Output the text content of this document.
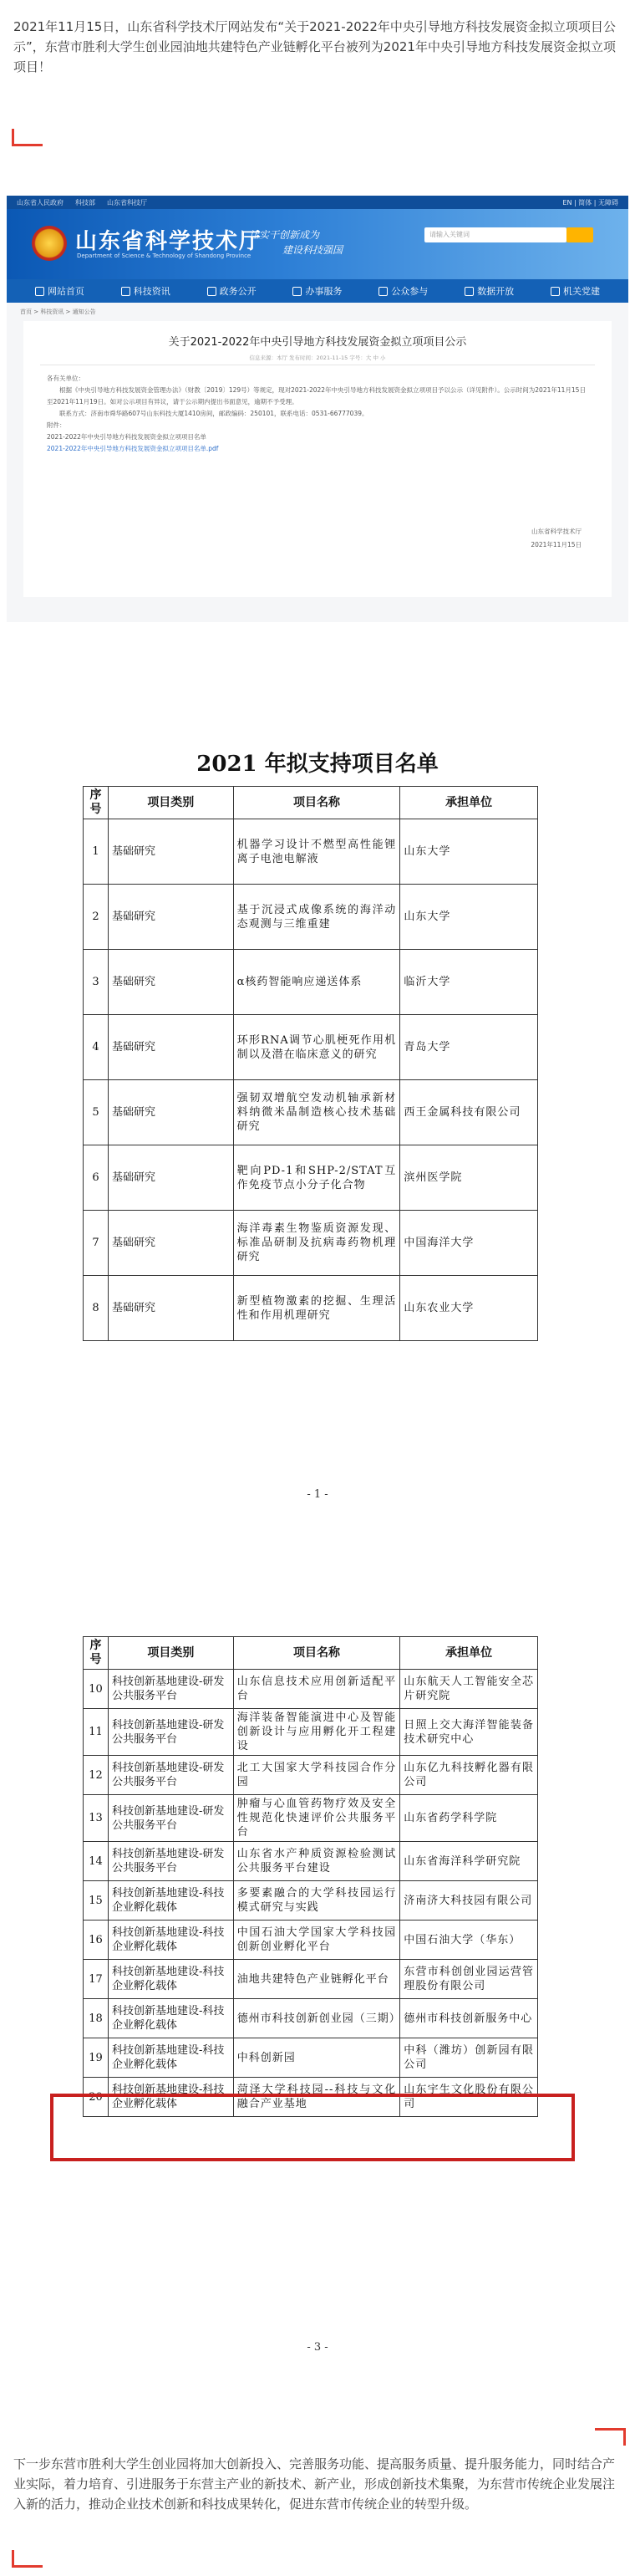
2021年11月15日，山东省科学技术厅网站发布“关于2021-2022年中央引导地方科技发展资金拟立项项目公示”，东营市胜利大学生创业园油地共建特色产业链孵化平台被列为2021年中央引导地方科技发展资金拟立项项目！
山东省人民政府 科技部 山东省科技厅	EN | 简体 | 无障碍
山东省科学技术厅
Department of Science & Technology of Shandong Province
让实干创新成为
建设科技强国
请输入关键词
网站首页	科技资讯	政务公开	办事服务	公众参与	数据开放	机关党建
首页 > 科技资讯 > 通知公告
关于2021-2022年中央引导地方科技发展资金拟立项项目公示
信息来源：本厅 发布时间：2021-11-15 字号：大 中 小

各有关单位：

根据《中央引导地方科技发展资金管理办法》（财教〔2019〕129号）等规定，现对2021-2022年中央引导地方科技发展资金拟立项项目予以公示（详见附件）。公示时间为2021年11月15日至2021年11月19日。如对公示项目有异议，请于公示期内提出书面意见，逾期不予受理。

联系方式：济南市舜华路607号山东科技大厦1410房间，邮政编码：250101，联系电话：0531-66777039。

附件：

2021-2022年中央引导地方科技发展资金拟立项项目名单

2021-2022年中央引导地方科技发展资金拟立项项目名单.pdf

山东省科学技术厅
2021年11月15日
2021 年拟支持项目名单
序号	项目类别	项目名称	承担单位
1	基础研究	机器学习设计不燃型高性能锂离子电池电解液	山东大学
2	基础研究	基于沉浸式成像系统的海洋动态观测与三维重建	山东大学
3	基础研究	α核药智能响应递送体系	临沂大学
4	基础研究	环形RNA调节心肌梗死作用机制以及潜在临床意义的研究	青岛大学
5	基础研究	强韧双增航空发动机轴承新材料纳微米晶制造核心技术基础研究	西王金属科技有限公司
6	基础研究	靶向PD-1和SHP-2/STAT互作免疫节点小分子化合物	滨州医学院
7	基础研究	海洋毒素生物鉴质资源发现、标准品研制及抗病毒药物机理研究	中国海洋大学
8	基础研究	新型植物激素的挖掘、生理活性和作用机理研究	山东农业大学
- 1 -
序号	项目类别	项目名称	承担单位
10	科技创新基地建设-研发公共服务平台	山东信息技术应用创新适配平台	山东航天人工智能安全芯片研究院
11	科技创新基地建设-研发公共服务平台	海洋装备智能演进中心及智能创新设计与应用孵化开工程建设	日照上交大海洋智能装备技术研究中心
12	科技创新基地建设-研发公共服务平台	北工大国家大学科技园合作分园	山东亿九科技孵化器有限公司
13	科技创新基地建设-研发公共服务平台	肿瘤与心血管药物疗效及安全性规范化快速评价公共服务平台	山东省药学科学院
14	科技创新基地建设-研发公共服务平台	山东省水产种质资源检验测试公共服务平台建设	山东省海洋科学研究院
15	科技创新基地建设-科技企业孵化载体	多要素融合的大学科技园运行模式研究与实践	济南济大科技园有限公司
16	科技创新基地建设-科技企业孵化载体	中国石油大学国家大学科技园创新创业孵化平台	中国石油大学（华东）
17	科技创新基地建设-科技企业孵化载体	油地共建特色产业链孵化平台	东营市科创创业园运营管理股份有限公司
18	科技创新基地建设-科技企业孵化载体	德州市科技创新创业园（三期）	德州市科技创新服务中心
19	科技创新基地建设-科技企业孵化载体	中科创新园	中科（潍坊）创新园有限公司
20	科技创新基地建设-科技企业孵化载体	菏泽大学科技园--科技与文化融合产业基地	山东宇生文化股份有限公司
- 3 -
下一步东营市胜利大学生创业园将加大创新投入、完善服务功能、提高服务质量、提升服务能力，同时结合产业实际，着力培育、引进服务于东营主产业的新技术、新产业，形成创新技术集聚，为东营市传统企业发展注入新的活力，推动企业技术创新和科技成果转化，促进东营市传统企业的转型升级。
